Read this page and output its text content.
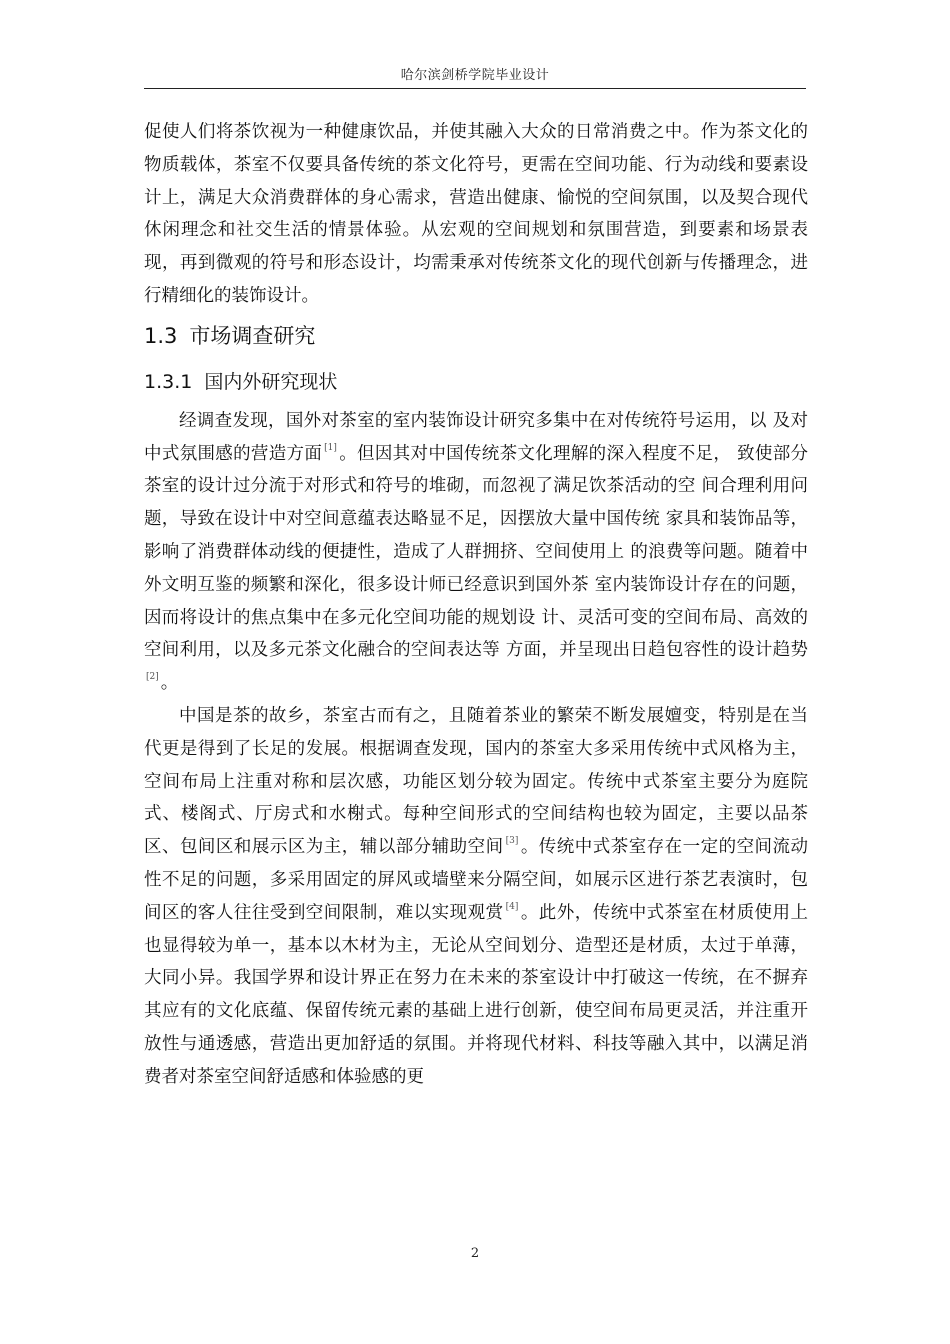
哈尔滨剑桥学院毕业设计

促使人们将茶饮视为一种健康饮品，并使其融入大众的日常消费之中。作为茶文化的物质载体，茶室不仅要具备传统的茶文化符号，更需在空间功能、行为动线和要素设计上，满足大众消费群体的身心需求，营造出健康、愉悦的空间氛围，以及契合现代休闲理念和社交生活的情景体验。从宏观的空间规划和氛围营造，到要素和场景表现，再到微观的符号和形态设计，均需秉承对传统茶文化的现代创新与传播理念，进行精细化的装饰设计。

1.3 市场调查研究
1.3.1 国内外研究现状

经调查发现，国外对茶室的室内装饰设计研究多集中在对传统符号运用，以 及对中式氛围感的营造方面 [1] 。但因其对中国传统茶文化理解的深入程度不足， 致使部分茶室的设计过分流于对形式和符号的堆砌，而忽视了满足饮茶活动的空 间合理利用问题，导致在设计中对空间意蕴表达略显不足，因摆放大量中国传统 家具和装饰品等，影响了消费群体动线的便捷性，造成了人群拥挤、空间使用上 的浪费等问题。随着中外文明互鉴的频繁和深化，很多设计师已经意识到国外茶 室内装饰设计存在的问题，因而将设计的焦点集中在多元化空间功能的规划设 计、灵活可变的空间布局、高效的空间利用，以及多元茶文化融合的空间表达等 方面，并呈现出日趋包容性的设计趋势[2] 。

中国是茶的故乡，茶室古而有之，且随着茶业的繁荣不断发展嬗变，特别是在当代更是得到了长足的发展。根据调查发现，国内的茶室大多采用传统中式风格为主，空间布局上注重对称和层次感，功能区划分较为固定。传统中式茶室主要分为庭院式、楼阁式、厅房式和水榭式。每种空间形式的空间结构也较为固定，主要以品茶区、包间区和展示区为主，辅以部分辅助空间 [3] 。传统中式茶室存在一定的空间流动性不足的问题，多采用固定的屏风或墙壁来分隔空间，如展示区进行茶艺表演时，包间区的客人往往受到空间限制，难以实现观赏 [4] 。此外，传统中式茶室在材质使用上也显得较为单一，基本以木材为主，无论从空间划分、造型还是材质，太过于单薄，大同小异。我国学界和设计界正在努力在未来的茶室设计中打破这一传统，在不摒弃其应有的文化底蕴、保留传统元素的基础上进行创新，使空间布局更灵活，并注重开放性与通透感，营造出更加舒适的氛围。并将现代材料、科技等融入其中，以满足消费者对茶室空间舒适感和体验感的更

2
